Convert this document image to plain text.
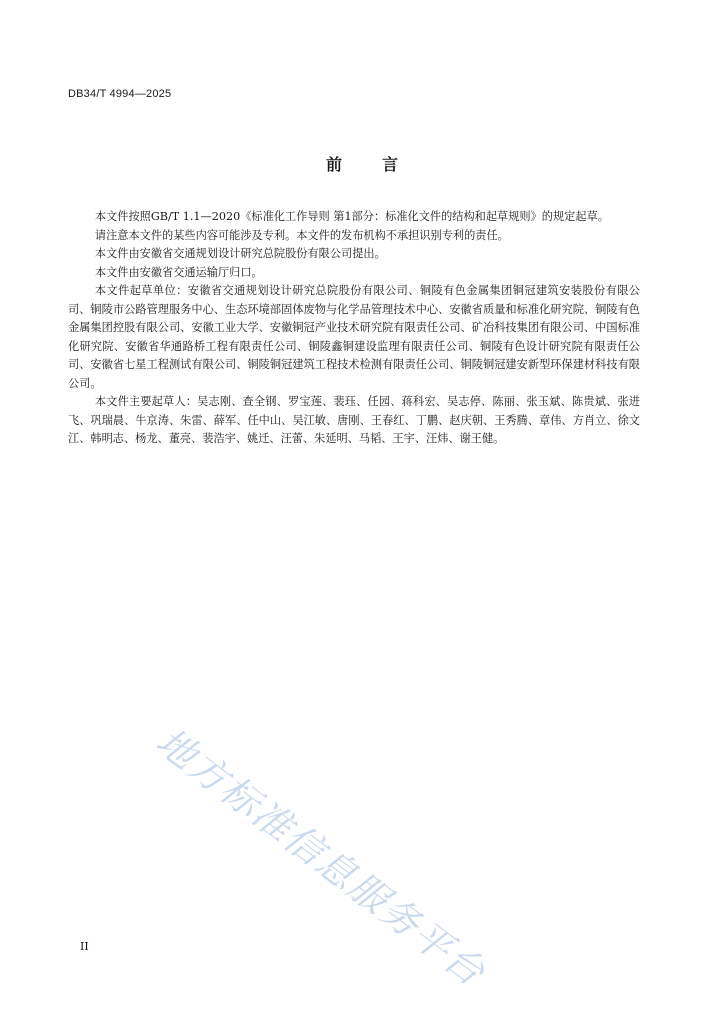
DB34/T 4994—2025
前言

本文件按照GB/T 1.1—2020《标准化工作导则 第1部分：标准化文件的结构和起草规则》的规定起草。

请注意本文件的某些内容可能涉及专利。本文件的发布机构不承担识别专利的责任。

本文件由安徽省交通规划设计研究总院股份有限公司提出。

本文件由安徽省交通运输厅归口。

本文件起草单位：安徽省交通规划设计研究总院股份有限公司、铜陵有色金属集团铜冠建筑安装股份有限公司、铜陵市公路管理服务中心、生态环境部固体废物与化学品管理技术中心、安徽省质量和标准化研究院、铜陵有色金属集团控股有限公司、安徽工业大学、安徽铜冠产业技术研究院有限责任公司、矿冶科技集团有限公司、中国标准化研究院、安徽省华通路桥工程有限责任公司、铜陵鑫铜建设监理有限责任公司、铜陵有色设计研究院有限责任公司、安徽省七星工程测试有限公司、铜陵铜冠建筑工程技术检测有限责任公司、铜陵铜冠建安新型环保建材科技有限公司。

本文件主要起草人：吴志刚、查全钢、罗宝莲、裴珏、任园、蒋科宏、吴志停、陈丽、张玉斌、陈贵斌、张进飞、巩瑞晨、牛京涛、朱雷、薛军、任中山、吴江敏、唐刚、王春红、丁鹏、赵庆朝、王秀腾、章伟、方肖立、徐文江、韩明志、杨龙、董亮、裴浩宇、姚迁、汪蕾、朱延明、马韬、王宇、汪炜、谢王健。

地方标准信息服务平台
II
